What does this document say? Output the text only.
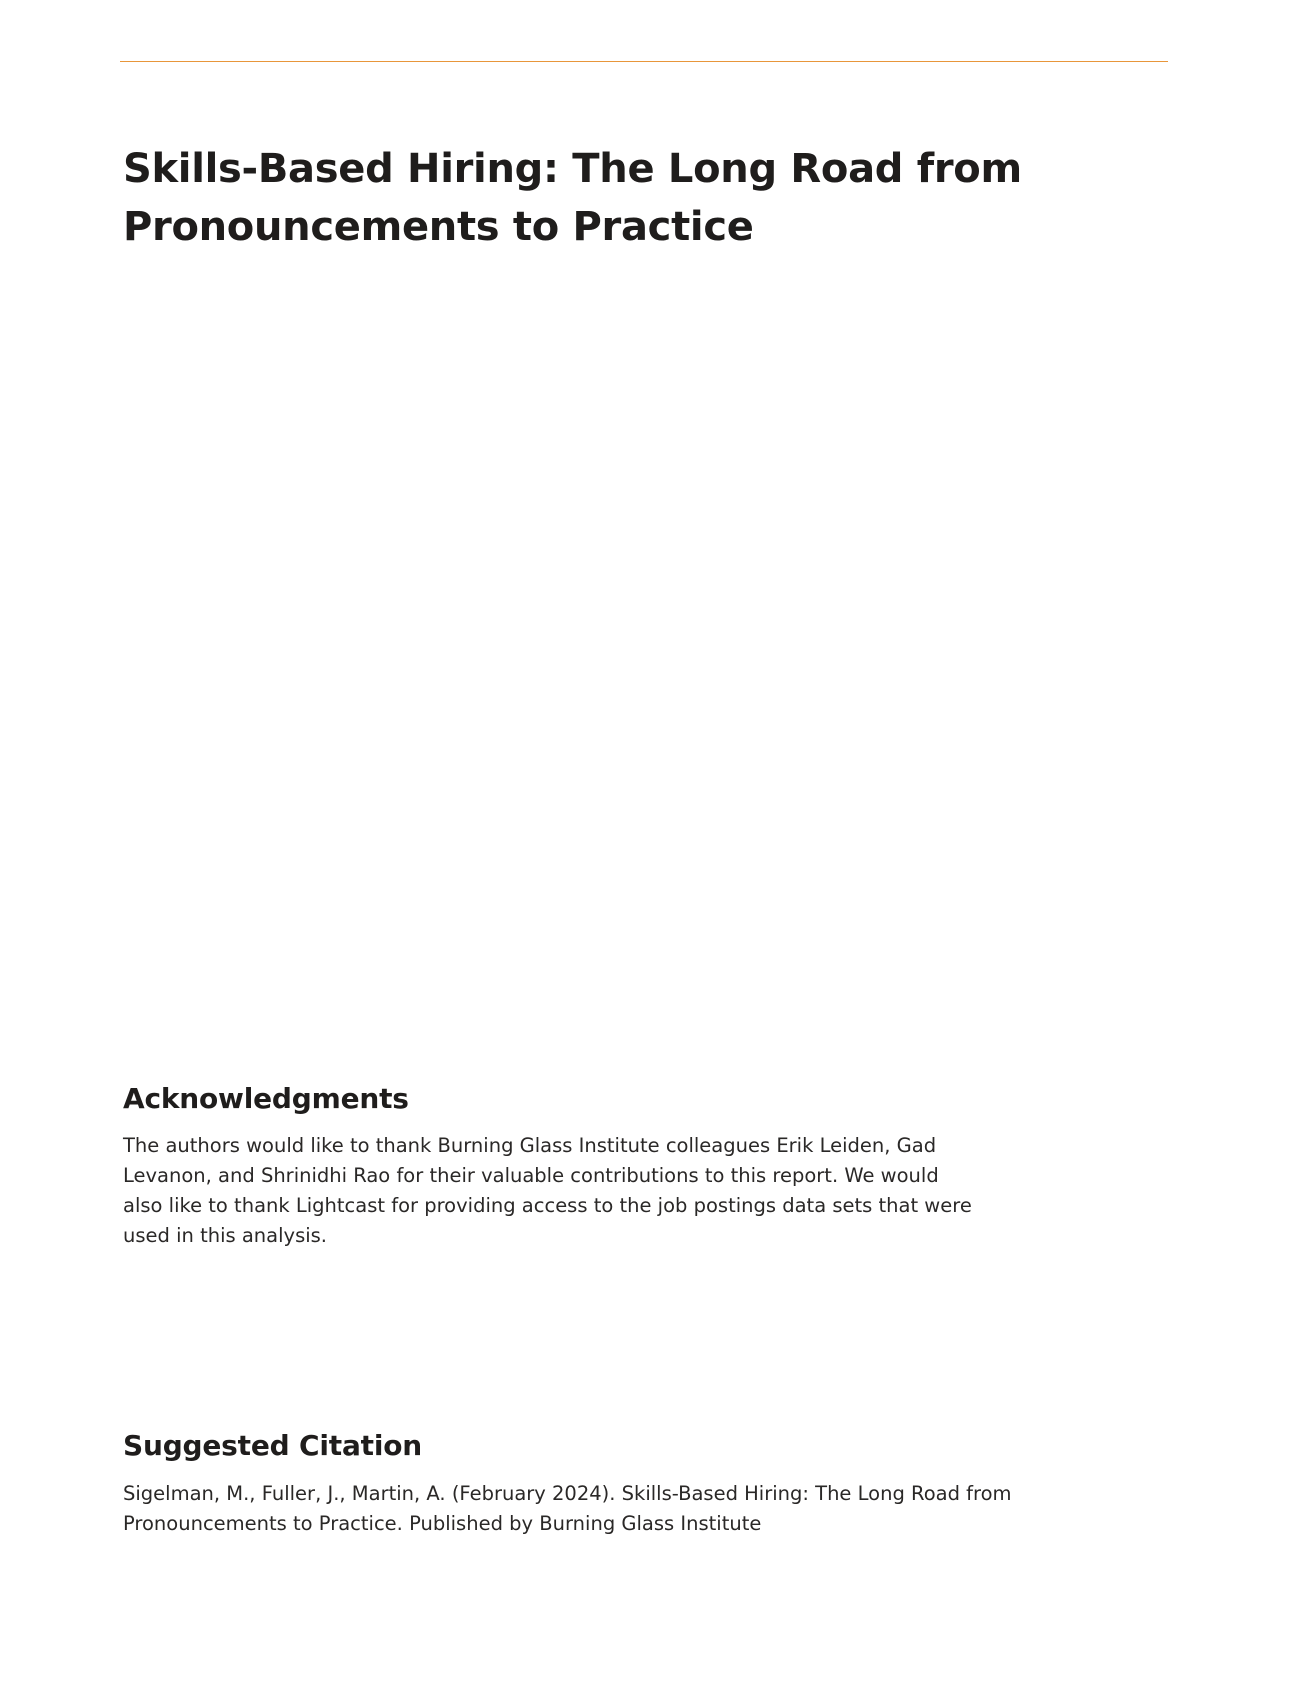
Skills-Based Hiring: The Long Road from Pronouncements to Practice
Acknowledgments

The authors would like to thank Burning Glass Institute colleagues Erik Leiden, Gad Levanon, and Shrinidhi Rao for their valuable contributions to this report. We would also like to thank Lightcast for providing access to the job postings data sets that were used in this analysis.

Suggested Citation

Sigelman, M., Fuller, J., Martin, A. (February 2024). Skills-Based Hiring: The Long Road from Pronouncements to Practice. Published by Burning Glass Institute
